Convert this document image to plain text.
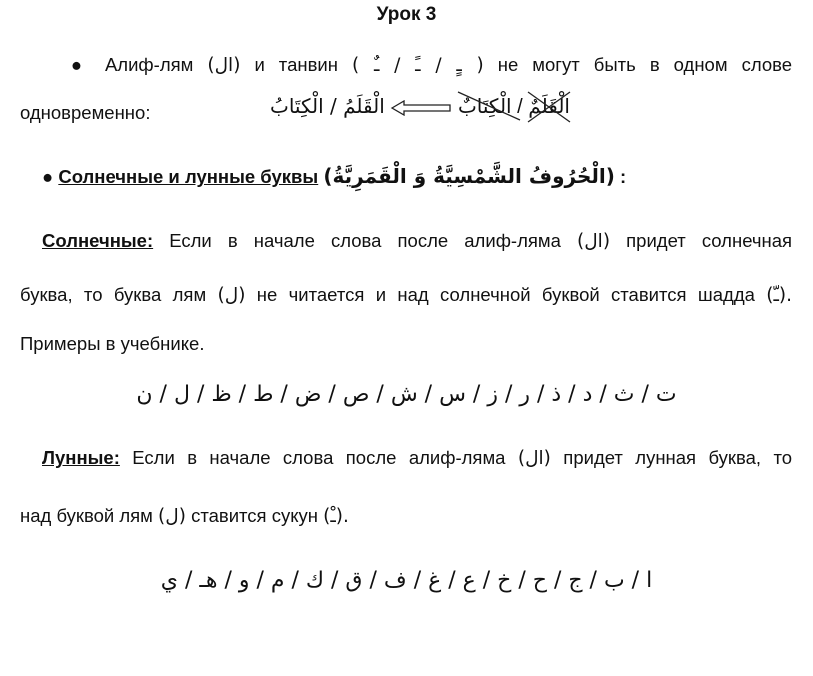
Урок 3
● Алиф-лям (ال) и танвин ( ـٍ / ـً / ـٌ ) не могут быть в одном слове
одновременно:	الْقَلَمُ / الْكِتَابُ	الْكِتَابٌ / الْقَلَمٌ
● Солнечные и лунные буквы (الْحُرُوفُ الشَّمْسِيَّةُ وَ الْقَمَرِيَّةُ) :
Солнечные: Если в начале слова после алиф-ляма (ال) придет солнечная
буква, то буква лям (ل) не читается и над солнечной буквой ставится шадда (ـّ).
Примеры в учебнике.
ت / ث / د / ذ / ر / ز / س / ش / ص / ض / ط / ظ / ل / ن
Лунные: Если в начале слова после алиф-ляма (ال) придет лунная буква, то
над буквой лям (ل) ставится сукун (ـْ).
ا / ب / ج / ح / خ / ع / غ / ف / ق / ك / م / و / هـ / ي
